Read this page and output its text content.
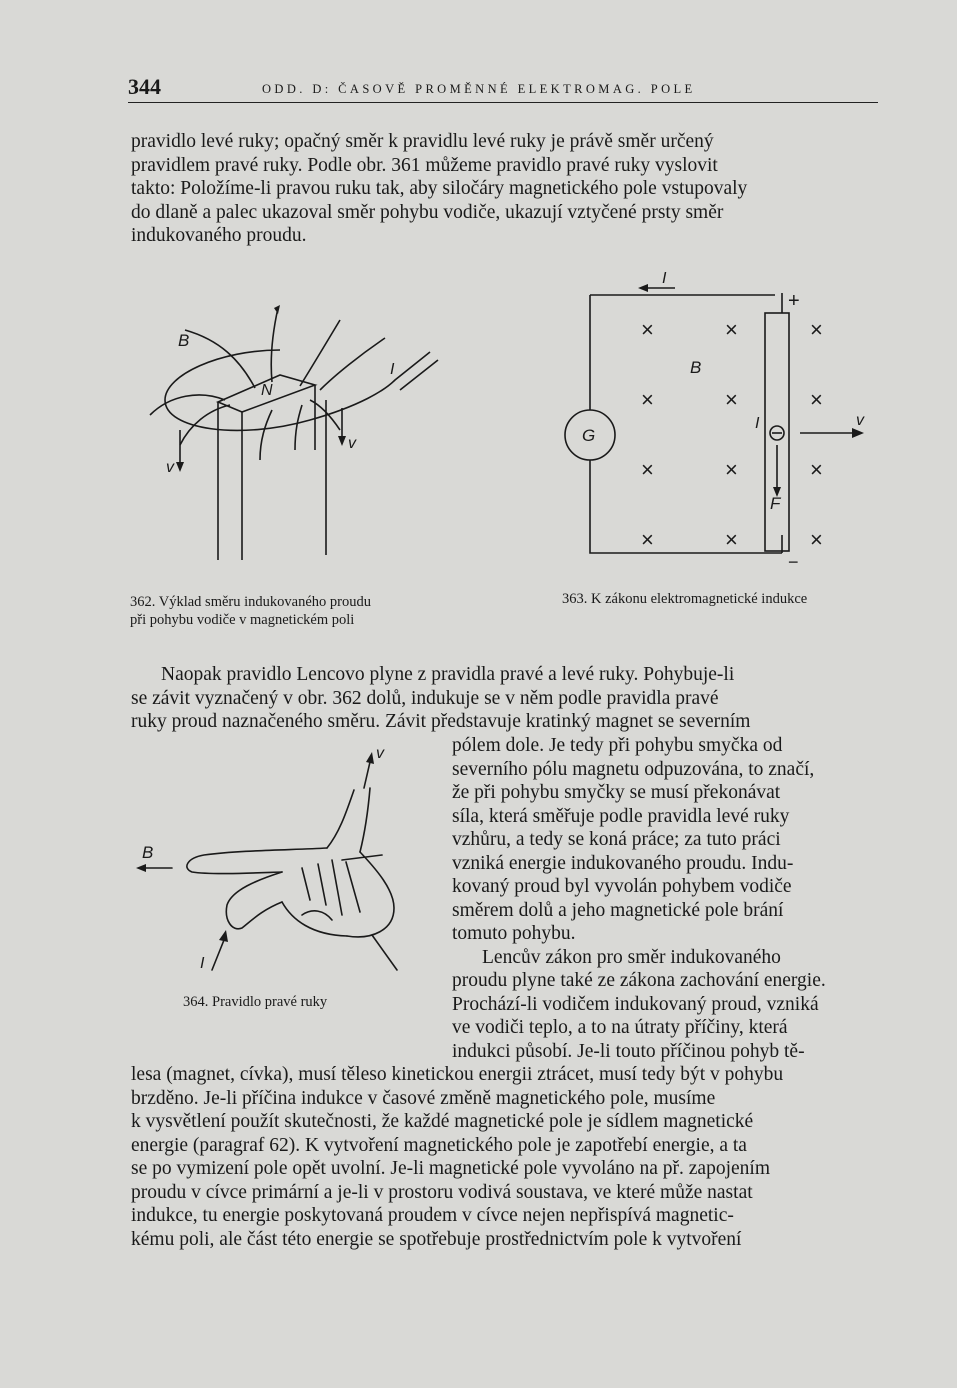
344	ODD. D: ČASOVĚ PROMĚNNÉ ELEKTROMAG. POLE
pravidlo levé ruky; opačný směr k pravidlu levé ruky je právě směr určený
pravidlem pravé ruky. Podle obr. 361 můžeme pravidlo pravé ruky vyslovit
takto: Položíme-li pravou ruku tak, aby siločáry magnetického pole vstupovaly
do dlaně a palec ukazoval směr pohybu vodiče, ukazují vztyčené prsty směr
indukovaného proudu.
B
N
I
v
v
362. Výklad směru indukovaného proudu
při pohybu vodiče v magnetickém poli
I
+
−
B
G
I	v
F
×	×	×
×	×	×
×	×	×
×	×	×
363. K zákonu elektromagnetické indukce
Naopak pravidlo Lencovo plyne z pravidla pravé a levé ruky. Pohybuje-li
se závit vyznačený v obr. 362 dolů, indukuje se v něm podle pravidla pravé
ruky proud naznačeného směru. Závit představuje kratinký magnet se severním
pólem dole. Je tedy při pohybu smyčka od
severního pólu magnetu odpuzována, to značí,
že při pohybu smyčky se musí překonávat
síla, která směřuje podle pravidla levé ruky
vzhůru, a tedy se koná práce; za tuto práci
vzniká energie indukovaného proudu. Indu-
kovaný proud byl vyvolán pohybem vodiče
směrem dolů a jeho magnetické pole brání
tomuto pohybu.
Lencův zákon pro směr indukovaného
proudu plyne také ze zákona zachování energie.
Prochází-li vodičem indukovaný proud, vzniká
ve vodiči teplo, a to na útraty příčiny, která
indukci působí. Je-li touto příčinou pohyb tě-
v
B
I
364. Pravidlo pravé ruky
lesa (magnet, cívka), musí těleso kinetickou energii ztrácet, musí tedy být v pohybu
brzděno. Je-li příčina indukce v časové změně magnetického pole, musíme
k vysvětlení použít skutečnosti, že každé magnetické pole je sídlem magnetické
energie (paragraf 62). K vytvoření magnetického pole je zapotřebí energie, a ta
se po vymizení pole opět uvolní. Je-li magnetické pole vyvoláno na př. zapojením
proudu v cívce primární a je-li v prostoru vodivá soustava, ve které může nastat
indukce, tu energie poskytovaná proudem v cívce nejen nepřispívá magnetic-
kému poli, ale část této energie se spotřebuje prostřednictvím pole k vytvoření
